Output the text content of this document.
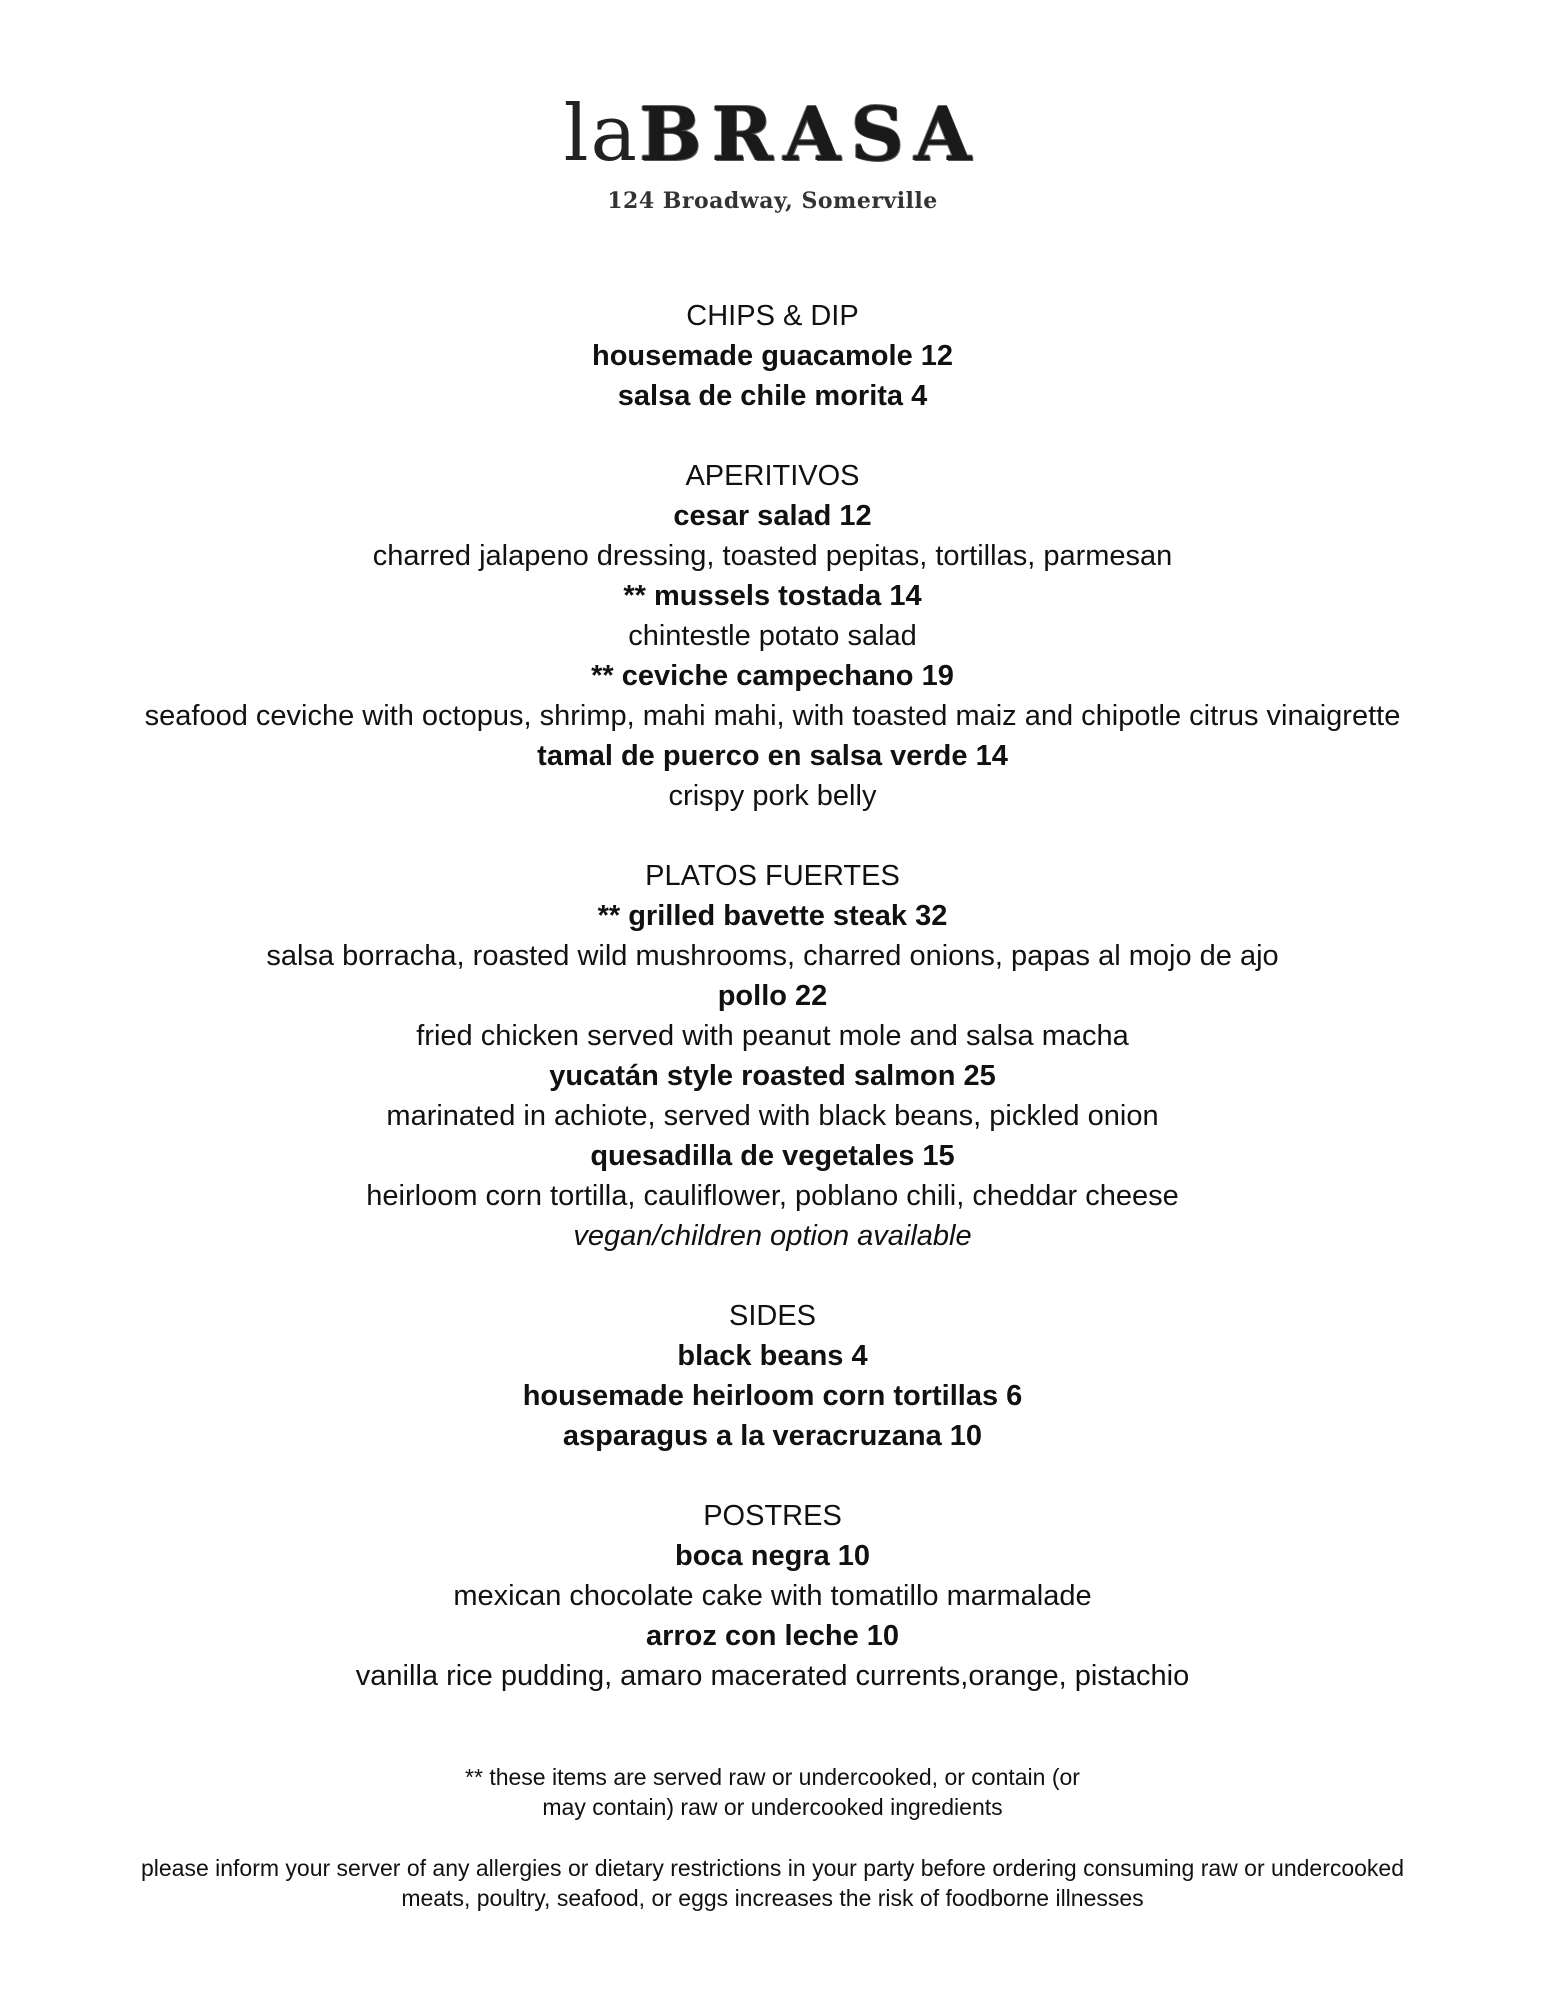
laBRASA
124 Broadway, Somerville
CHIPS & DIP
housemade guacamole 12
salsa de chile morita 4
APERITIVOS
cesar salad 12
charred jalapeno dressing, toasted pepitas, tortillas, parmesan
** mussels tostada 14
chintestle potato salad
** ceviche campechano 19
seafood ceviche with octopus, shrimp, mahi mahi, with toasted maiz and chipotle citrus vinaigrette
tamal de puerco en salsa verde 14
crispy pork belly
PLATOS FUERTES
** grilled bavette steak 32
salsa borracha, roasted wild mushrooms, charred onions, papas al mojo de ajo
pollo 22
fried chicken served with peanut mole and salsa macha
yucatán style roasted salmon 25
marinated in achiote, served with black beans, pickled onion
quesadilla de vegetales 15
heirloom corn tortilla, cauliflower, poblano chili, cheddar cheese
vegan/children option available
SIDES
black beans 4
housemade heirloom corn tortillas 6
asparagus a la veracruzana 10
POSTRES
boca negra 10
mexican chocolate cake with tomatillo marmalade
arroz con leche 10
vanilla rice pudding, amaro macerated currents,orange, pistachio
** these items are served raw or undercooked, or contain (or
may contain) raw or undercooked ingredients
please inform your server of any allergies or dietary restrictions in your party before ordering consuming raw or undercooked
meats, poultry, seafood, or eggs increases the risk of foodborne illnesses
